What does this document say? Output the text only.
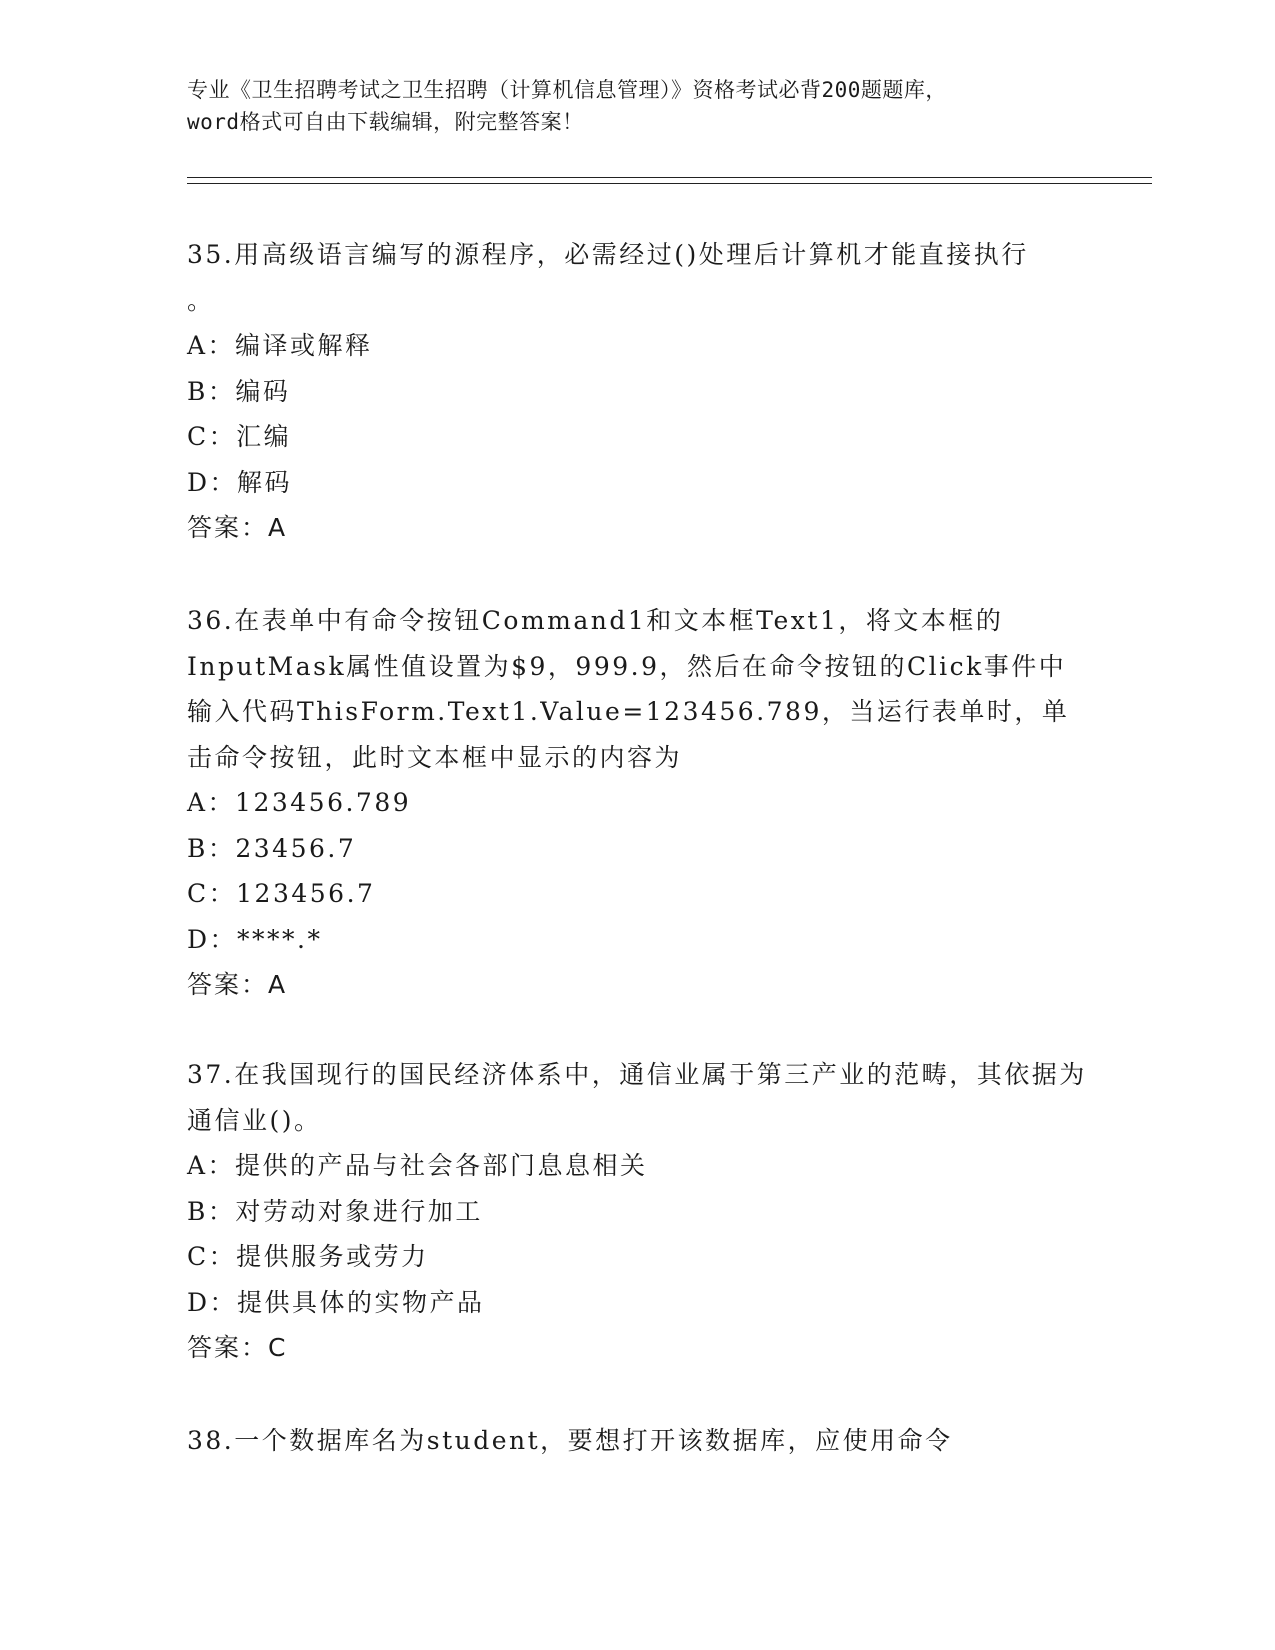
专业《卫生招聘考试之卫生招聘（计算机信息管理）》资格考试必背200题题库，
word格式可自由下载编辑，附完整答案！
35.用高级语言编写的源程序，必需经过()处理后计算机才能直接执行
。
A：编译或解释
B：编码
C：汇编
D：解码
答案：A
36.在表单中有命令按钮Command1和文本框Text1，将文本框的InputMask属性值设置为$9，999.9，然后在命令按钮的Click事件中输入代码ThisForm.Text1.Value=123456.789，当运行表单时，单击命令按钮，此时文本框中显示的内容为
A：123456.789
B：23456.7
C：123456.7
D：****.*
答案：A
37.在我国现行的国民经济体系中，通信业属于第三产业的范畴，其依据为通信业()。
A：提供的产品与社会各部门息息相关
B：对劳动对象进行加工
C：提供服务或劳力
D：提供具体的实物产品
答案：C
38.一个数据库名为student，要想打开该数据库，应使用命令
